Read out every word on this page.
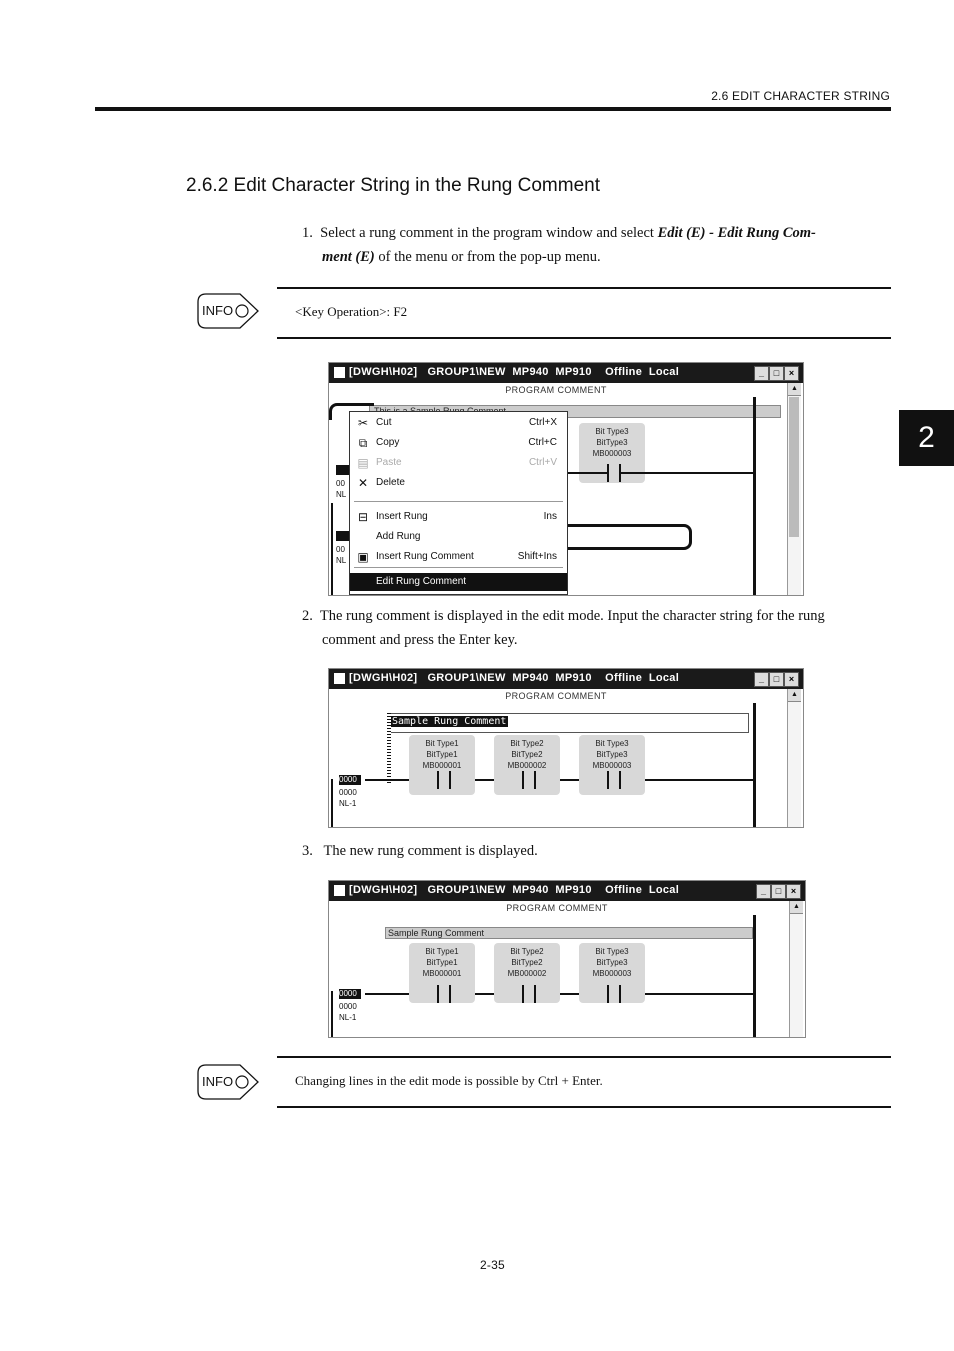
2.6 EDIT CHARACTER STRING
2
2.6.2 Edit Character String in the Rung Comment
1. Select a rung comment in the program window and select Edit (E) - Edit Rung Com-
ment (E) of the menu or from the pop-up menu.
INFO	<Key Operation>: F2
[DWGH\H02]   GROUP1\NEW  MP940  MP910    Offline  Local	_	□	×
PROGRAM COMMENT	▲
Bit Type3
BitType3
MB000003
00
NL
00
NL
✂ Cut	Ctrl+X
⧉ Copy	Ctrl+C
▤ Paste	Ctrl+V
✕ Delete
⊟ Insert Rung	Ins
Add Rung
▣ Insert Rung Comment	Shift+Ins
Edit Rung Comment
2. The rung comment is displayed in the edit mode. Input the character string for the rung
comment and press the Enter key.
[DWGH\H02]   GROUP1\NEW  MP940  MP910    Offline  Local	_	□	×
PROGRAM COMMENT	▲
Sample Rung Comment
Bit Type1
BitType1
MB000001
Bit Type2
BitType2
MB000002
Bit Type3
BitType3
MB000003
0000
0000
NL-1
3. The new rung comment is displayed.
[DWGH\H02]   GROUP1\NEW  MP940  MP910    Offline  Local	_	□	×
PROGRAM COMMENT	▲
Sample Rung Comment
Bit Type1
BitType1
MB000001
Bit Type2
BitType2
MB000002
Bit Type3
BitType3
MB000003
0000
0000
NL-1
INFO	Changing lines in the edit mode is possible by Ctrl + Enter.
2-35
